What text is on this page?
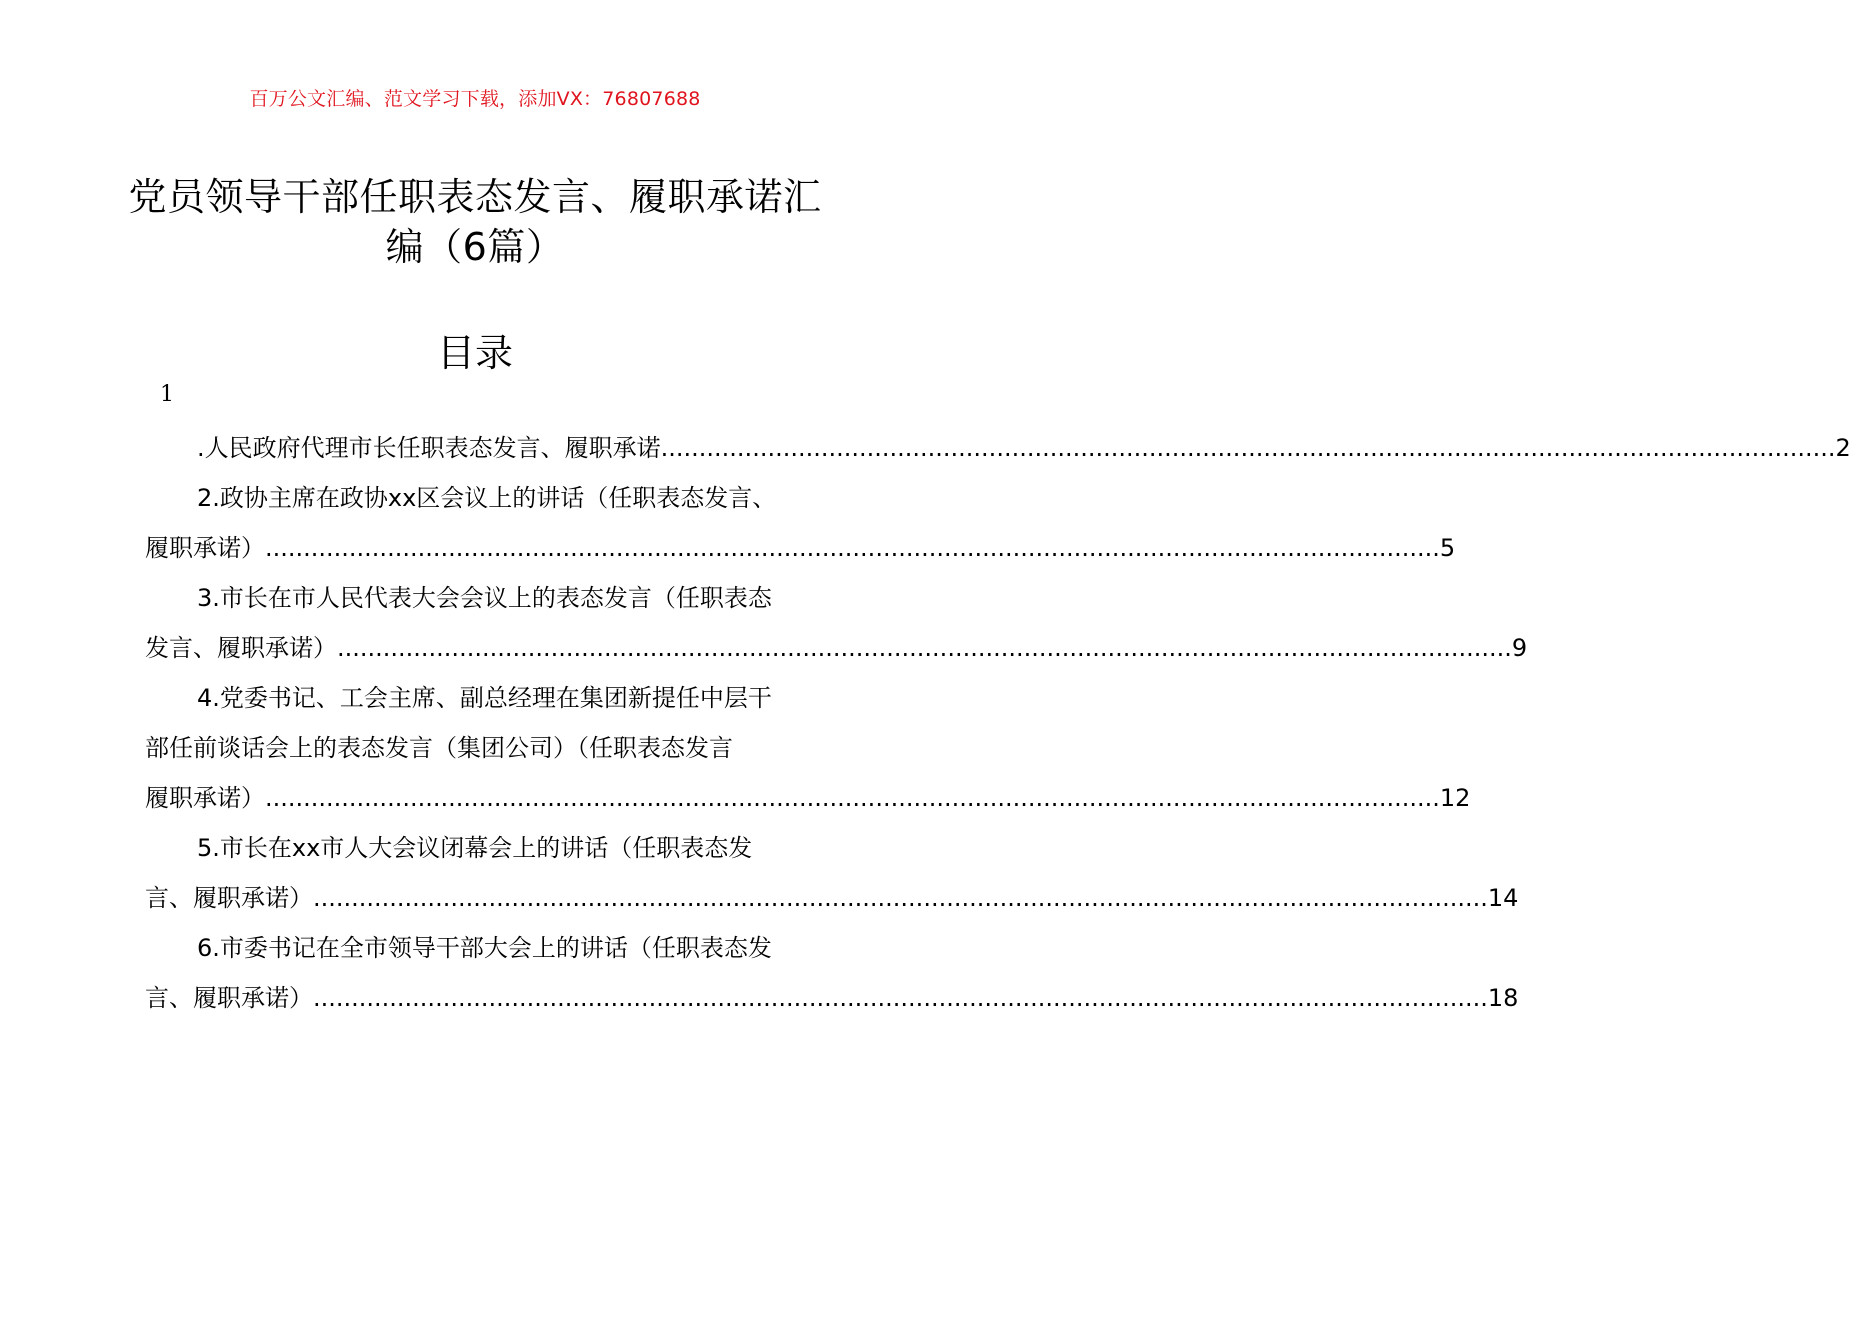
百万公文汇编、范文学习下载，添加VX：76807688
党员领导干部任职表态发言、履职承诺汇
编（6篇）
目录
1
.人民政府代理市长任职表态发言、履职承诺 .......................................................................................................................................................... 2
2.政协主席在政协xx区会议上的讲话（任职表态发言、
履职承诺） .......................................................................................................................................................... 5
3.市长在市人民代表大会会议上的表态发言（任职表态
发言、履职承诺） .......................................................................................................................................................... 9
4.党委书记、工会主席、副总经理在集团新提任中层干
部任前谈话会上的表态发言（集团公司）（任职表态发言
履职承诺） .......................................................................................................................................................... 12
5.市长在xx市人大会议闭幕会上的讲话（任职表态发
言、履职承诺） .......................................................................................................................................................... 14
6.市委书记在全市领导干部大会上的讲话（任职表态发
言、履职承诺） .......................................................................................................................................................... 18
